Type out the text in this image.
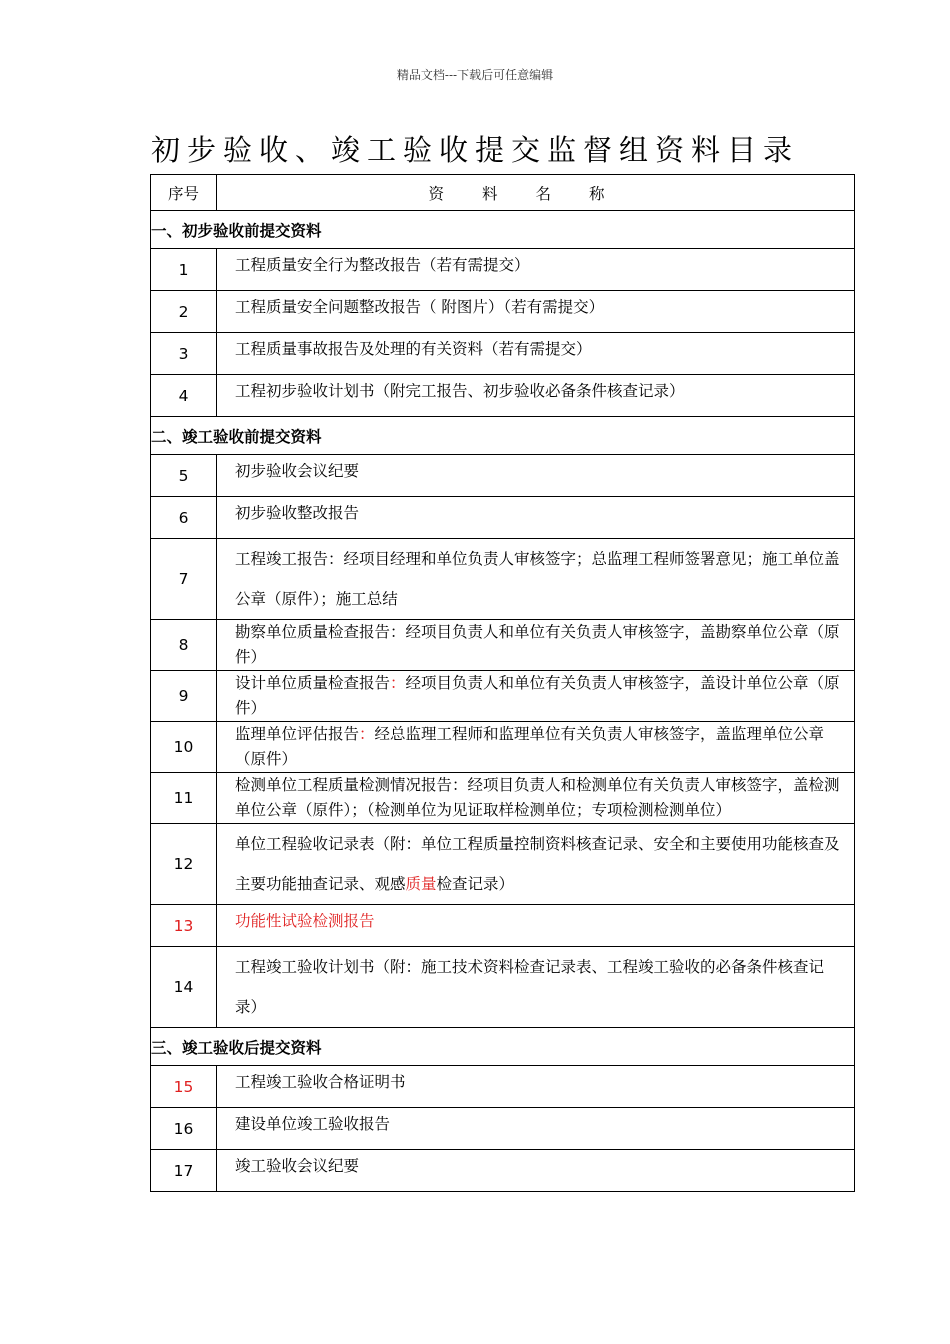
精品文档---下载后可任意编辑
初步验收、竣工验收提交监督组资料目录
序号	资料名称
一、初步验收前提交资料	
1	工程质量安全行为整改报告（若有需提交）
2	工程质量安全问题整改报告（ 附图片）（若有需提交）
3	工程质量事故报告及处理的有关资料（若有需提交）
4	工程初步验收计划书（附完工报告、初步验收必备条件核查记录）
二、竣工验收前提交资料	
5	初步验收会议纪要
6	初步验收整改报告
7	工程竣工报告：经项目经理和单位负责人审核签字；总监理工程师签署意见；施工单位盖公章（原件）；施工总结
8	勘察单位质量检查报告：经项目负责人和单位有关负责人审核签字，盖勘察单位公章（原件）
9	设计单位质量检查报告：经项目负责人和单位有关负责人审核签字，盖设计单位公章（原件）
10	监理单位评估报告：经总监理工程师和监理单位有关负责人审核签字，盖监理单位公章（原件）
11	检测单位工程质量检测情况报告：经项目负责人和检测单位有关负责人审核签字，盖检测单位公章（原件）；（检测单位为见证取样检测单位；专项检测检测单位）
12	单位工程验收记录表（附：单位工程质量控制资料核查记录、安全和主要使用功能核查及主要功能抽查记录、观感质量检查记录）
13	功能性试验检测报告
14	工程竣工验收计划书（附：施工技术资料检查记录表、工程竣工验收的必备条件核查记录）
三、竣工验收后提交资料	
15	工程竣工验收合格证明书
16	建设单位竣工验收报告
17	竣工验收会议纪要
